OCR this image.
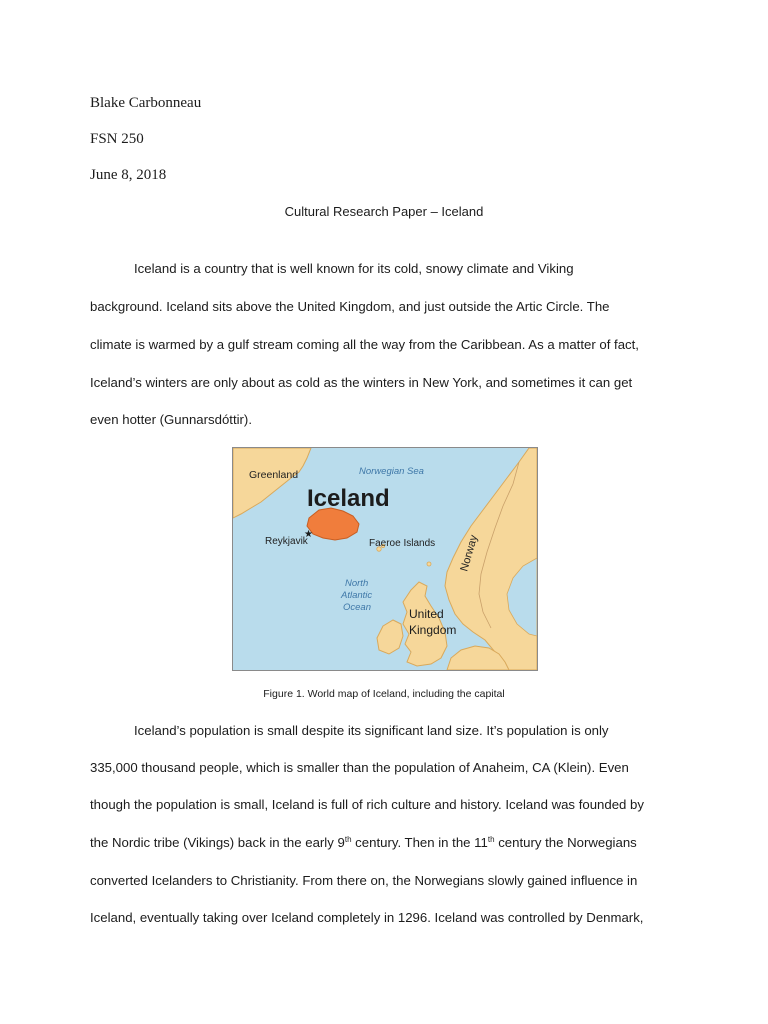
Blake Carbonneau
FSN 250
June 8, 2018
Cultural Research Paper – Iceland
Iceland is a country that is well known for its cold, snowy climate and Viking
background. Iceland sits above the United Kingdom, and just outside the Artic Circle. The
climate is warmed by a gulf stream coming all the way from the Caribbean. As a matter of fact,
Iceland’s winters are only about as cold as the winters in New York, and sometimes it can get
even hotter (Gunnarsdóttir).
★
Greenland	Norwegian Sea
Iceland
Reykjavik	Faeroe Islands Norway
North
Atlantic
Ocean	United
Kingdom
Figure 1. World map of Iceland, including the capital
Iceland’s population is small despite its significant land size. It’s population is only
335,000 thousand people, which is smaller than the population of Anaheim, CA (Klein). Even
though the population is small, Iceland is full of rich culture and history. Iceland was founded by
the Nordic tribe (Vikings) back in the early 9th century. Then in the 11th century the Norwegians
converted Icelanders to Christianity. From there on, the Norwegians slowly gained influence in
Iceland, eventually taking over Iceland completely in 1296. Iceland was controlled by Denmark,
